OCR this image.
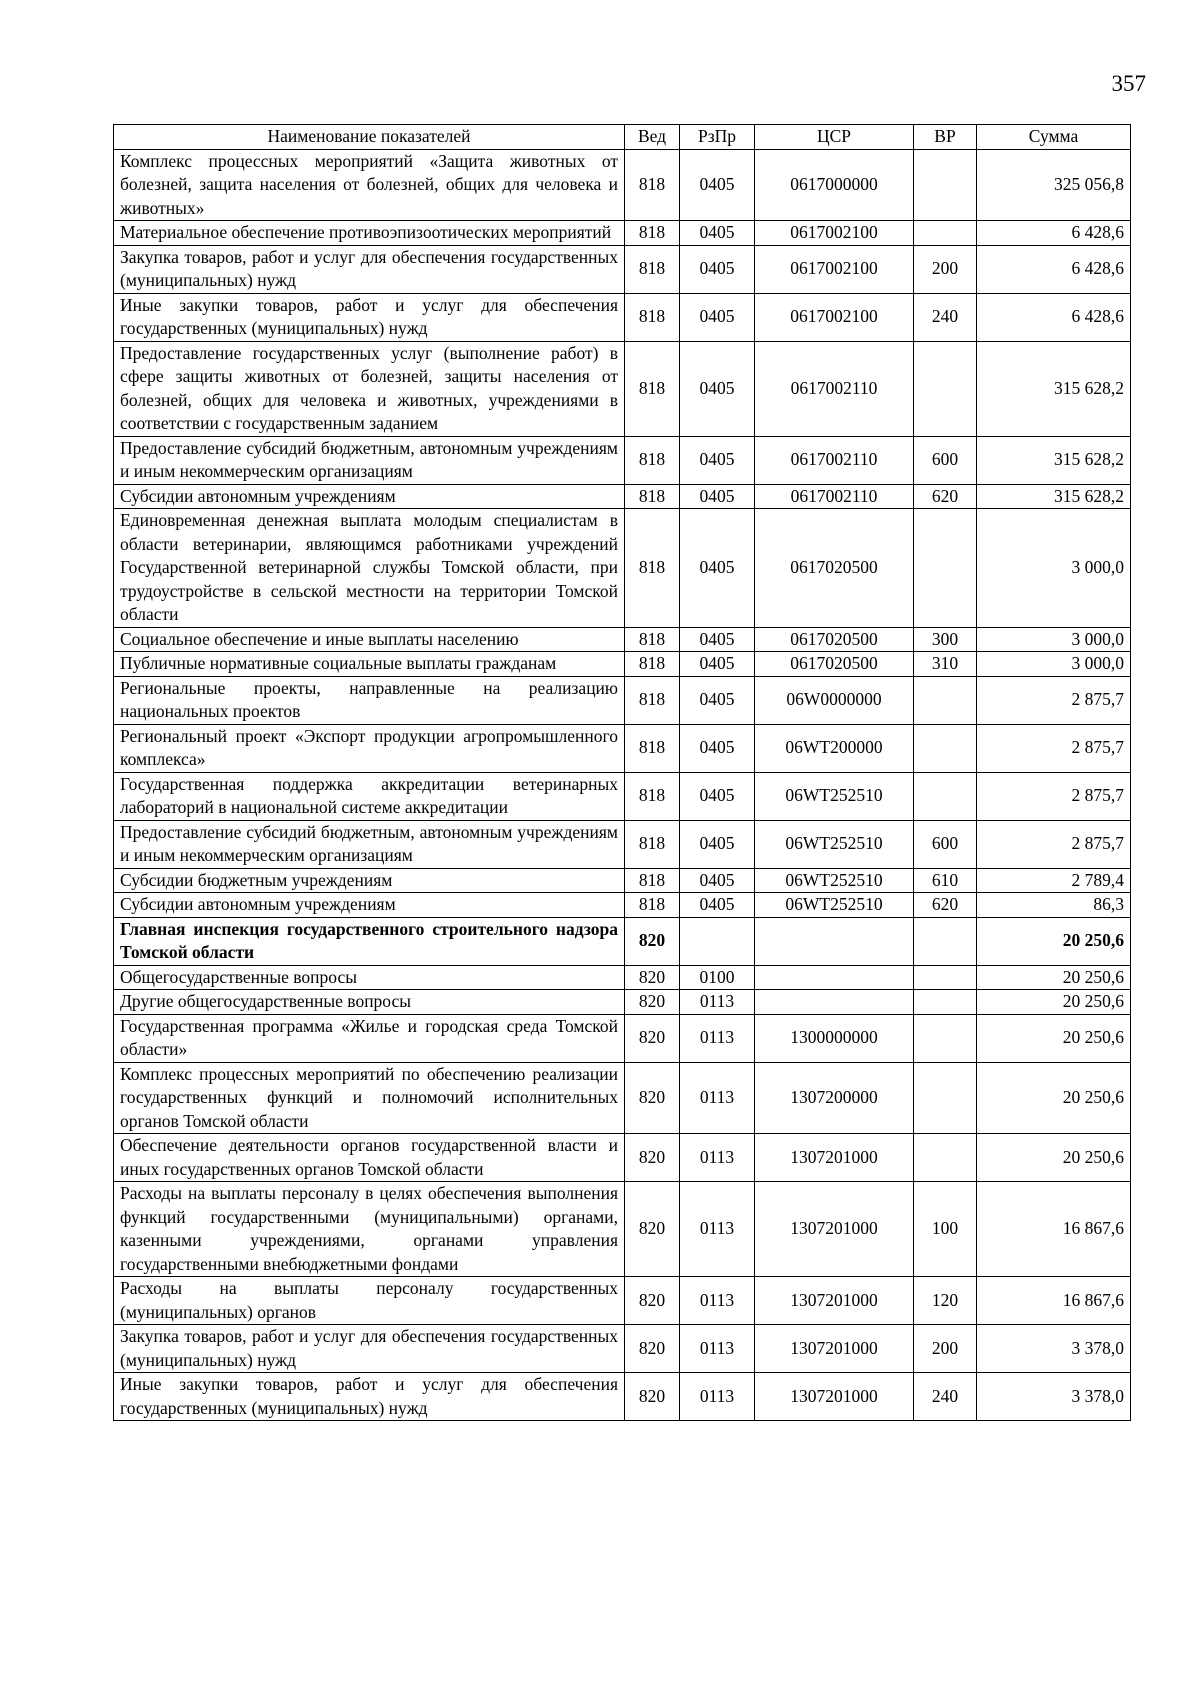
357
Наименование показателей	Вед	РзПр	ЦСР	ВР	Сумма
Комплекс процессных мероприятий «Защита животных от болезней, защита населения от болезней, общих для человека и животных»	818	0405	0617000000		325 056,8
Материальное обеспечение противоэпизоотических мероприятий	818	0405	0617002100		6 428,6
Закупка товаров, работ и услуг для обеспечения государственных (муниципальных) нужд	818	0405	0617002100	200	6 428,6
Иные закупки товаров, работ и услуг для обеспечения государственных (муниципальных) нужд	818	0405	0617002100	240	6 428,6
Предоставление государственных услуг (выполнение работ) в сфере защиты животных от болезней, защиты населения от болезней, общих для человека и животных, учреждениями в соответствии с государственным заданием	818	0405	0617002110		315 628,2
Предоставление субсидий бюджетным, автономным учреждениям и иным некоммерческим организациям	818	0405	0617002110	600	315 628,2
Субсидии автономным учреждениям	818	0405	0617002110	620	315 628,2
Единовременная денежная выплата молодым специалистам в области ветеринарии, являющимся работниками учреждений Государственной ветеринарной службы Томской области, при трудоустройстве в сельской местности на территории Томской области	818	0405	0617020500		3 000,0
Социальное обеспечение и иные выплаты населению	818	0405	0617020500	300	3 000,0
Публичные нормативные социальные выплаты гражданам	818	0405	0617020500	310	3 000,0
Региональные проекты, направленные на реализацию национальных проектов	818	0405	06W0000000		2 875,7
Региональный проект «Экспорт продукции агропромышленного комплекса»	818	0405	06WT200000		2 875,7
Государственная поддержка аккредитации ветеринарных лабораторий в национальной системе аккредитации	818	0405	06WT252510		2 875,7
Предоставление субсидий бюджетным, автономным учреждениям и иным некоммерческим организациям	818	0405	06WT252510	600	2 875,7
Субсидии бюджетным учреждениям	818	0405	06WT252510	610	2 789,4
Субсидии автономным учреждениям	818	0405	06WT252510	620	86,3
Главная инспекция государственного строительного надзора Томской области	820				20 250,6
Общегосударственные вопросы	820	0100			20 250,6
Другие общегосударственные вопросы	820	0113			20 250,6
Государственная программа «Жилье и городская среда Томской области»	820	0113	1300000000		20 250,6
Комплекс процессных мероприятий по обеспечению реализации государственных функций и полномочий исполнительных органов Томской области	820	0113	1307200000		20 250,6
Обеспечение деятельности органов государственной власти и иных государственных органов Томской области	820	0113	1307201000		20 250,6
Расходы на выплаты персоналу в целях обеспечения выполнения функций государственными (муниципальными) органами, казенными учреждениями, органами управления государственными внебюджетными фондами	820	0113	1307201000	100	16 867,6
Расходы на выплаты персоналу государственных (муниципальных) органов	820	0113	1307201000	120	16 867,6
Закупка товаров, работ и услуг для обеспечения государственных (муниципальных) нужд	820	0113	1307201000	200	3 378,0
Иные закупки товаров, работ и услуг для обеспечения государственных (муниципальных) нужд	820	0113	1307201000	240	3 378,0
